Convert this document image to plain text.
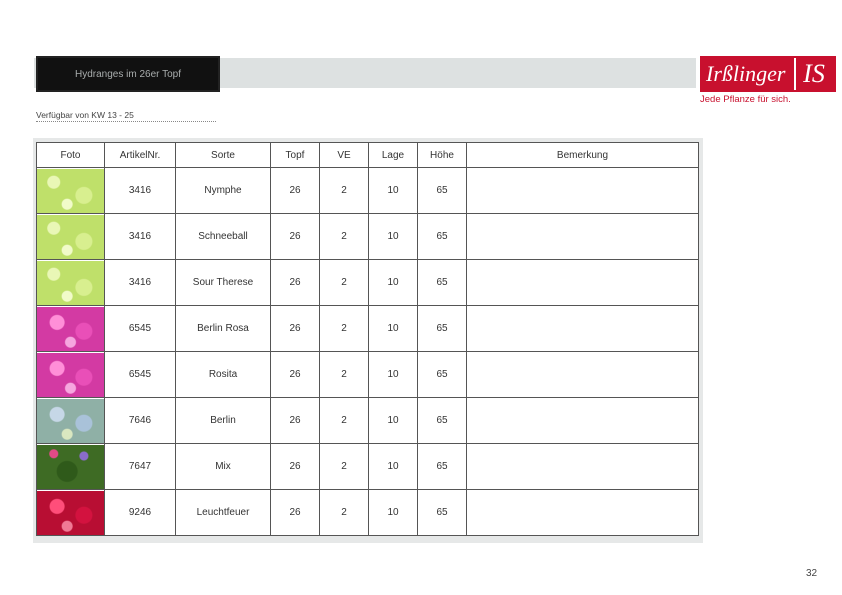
Hydranges im 26er Topf
Verfügbar von KW 13 - 25
Irßlinger IS
Jede Pflanze für sich.
Foto	ArtikelNr.	Sorte	Topf	VE	Lage	Höhe	Bemerkung

	3416	Nymphe	26	2	10	65	

	3416	Schneeball	26	2	10	65	

	3416	Sour Therese	26	2	10	65	

	6545	Berlin Rosa	26	2	10	65	

	6545	Rosita	26	2	10	65	

	7646	Berlin	26	2	10	65	

	7647	Mix	26	2	10	65	

	9246	Leuchtfeuer	26	2	10	65	
32
